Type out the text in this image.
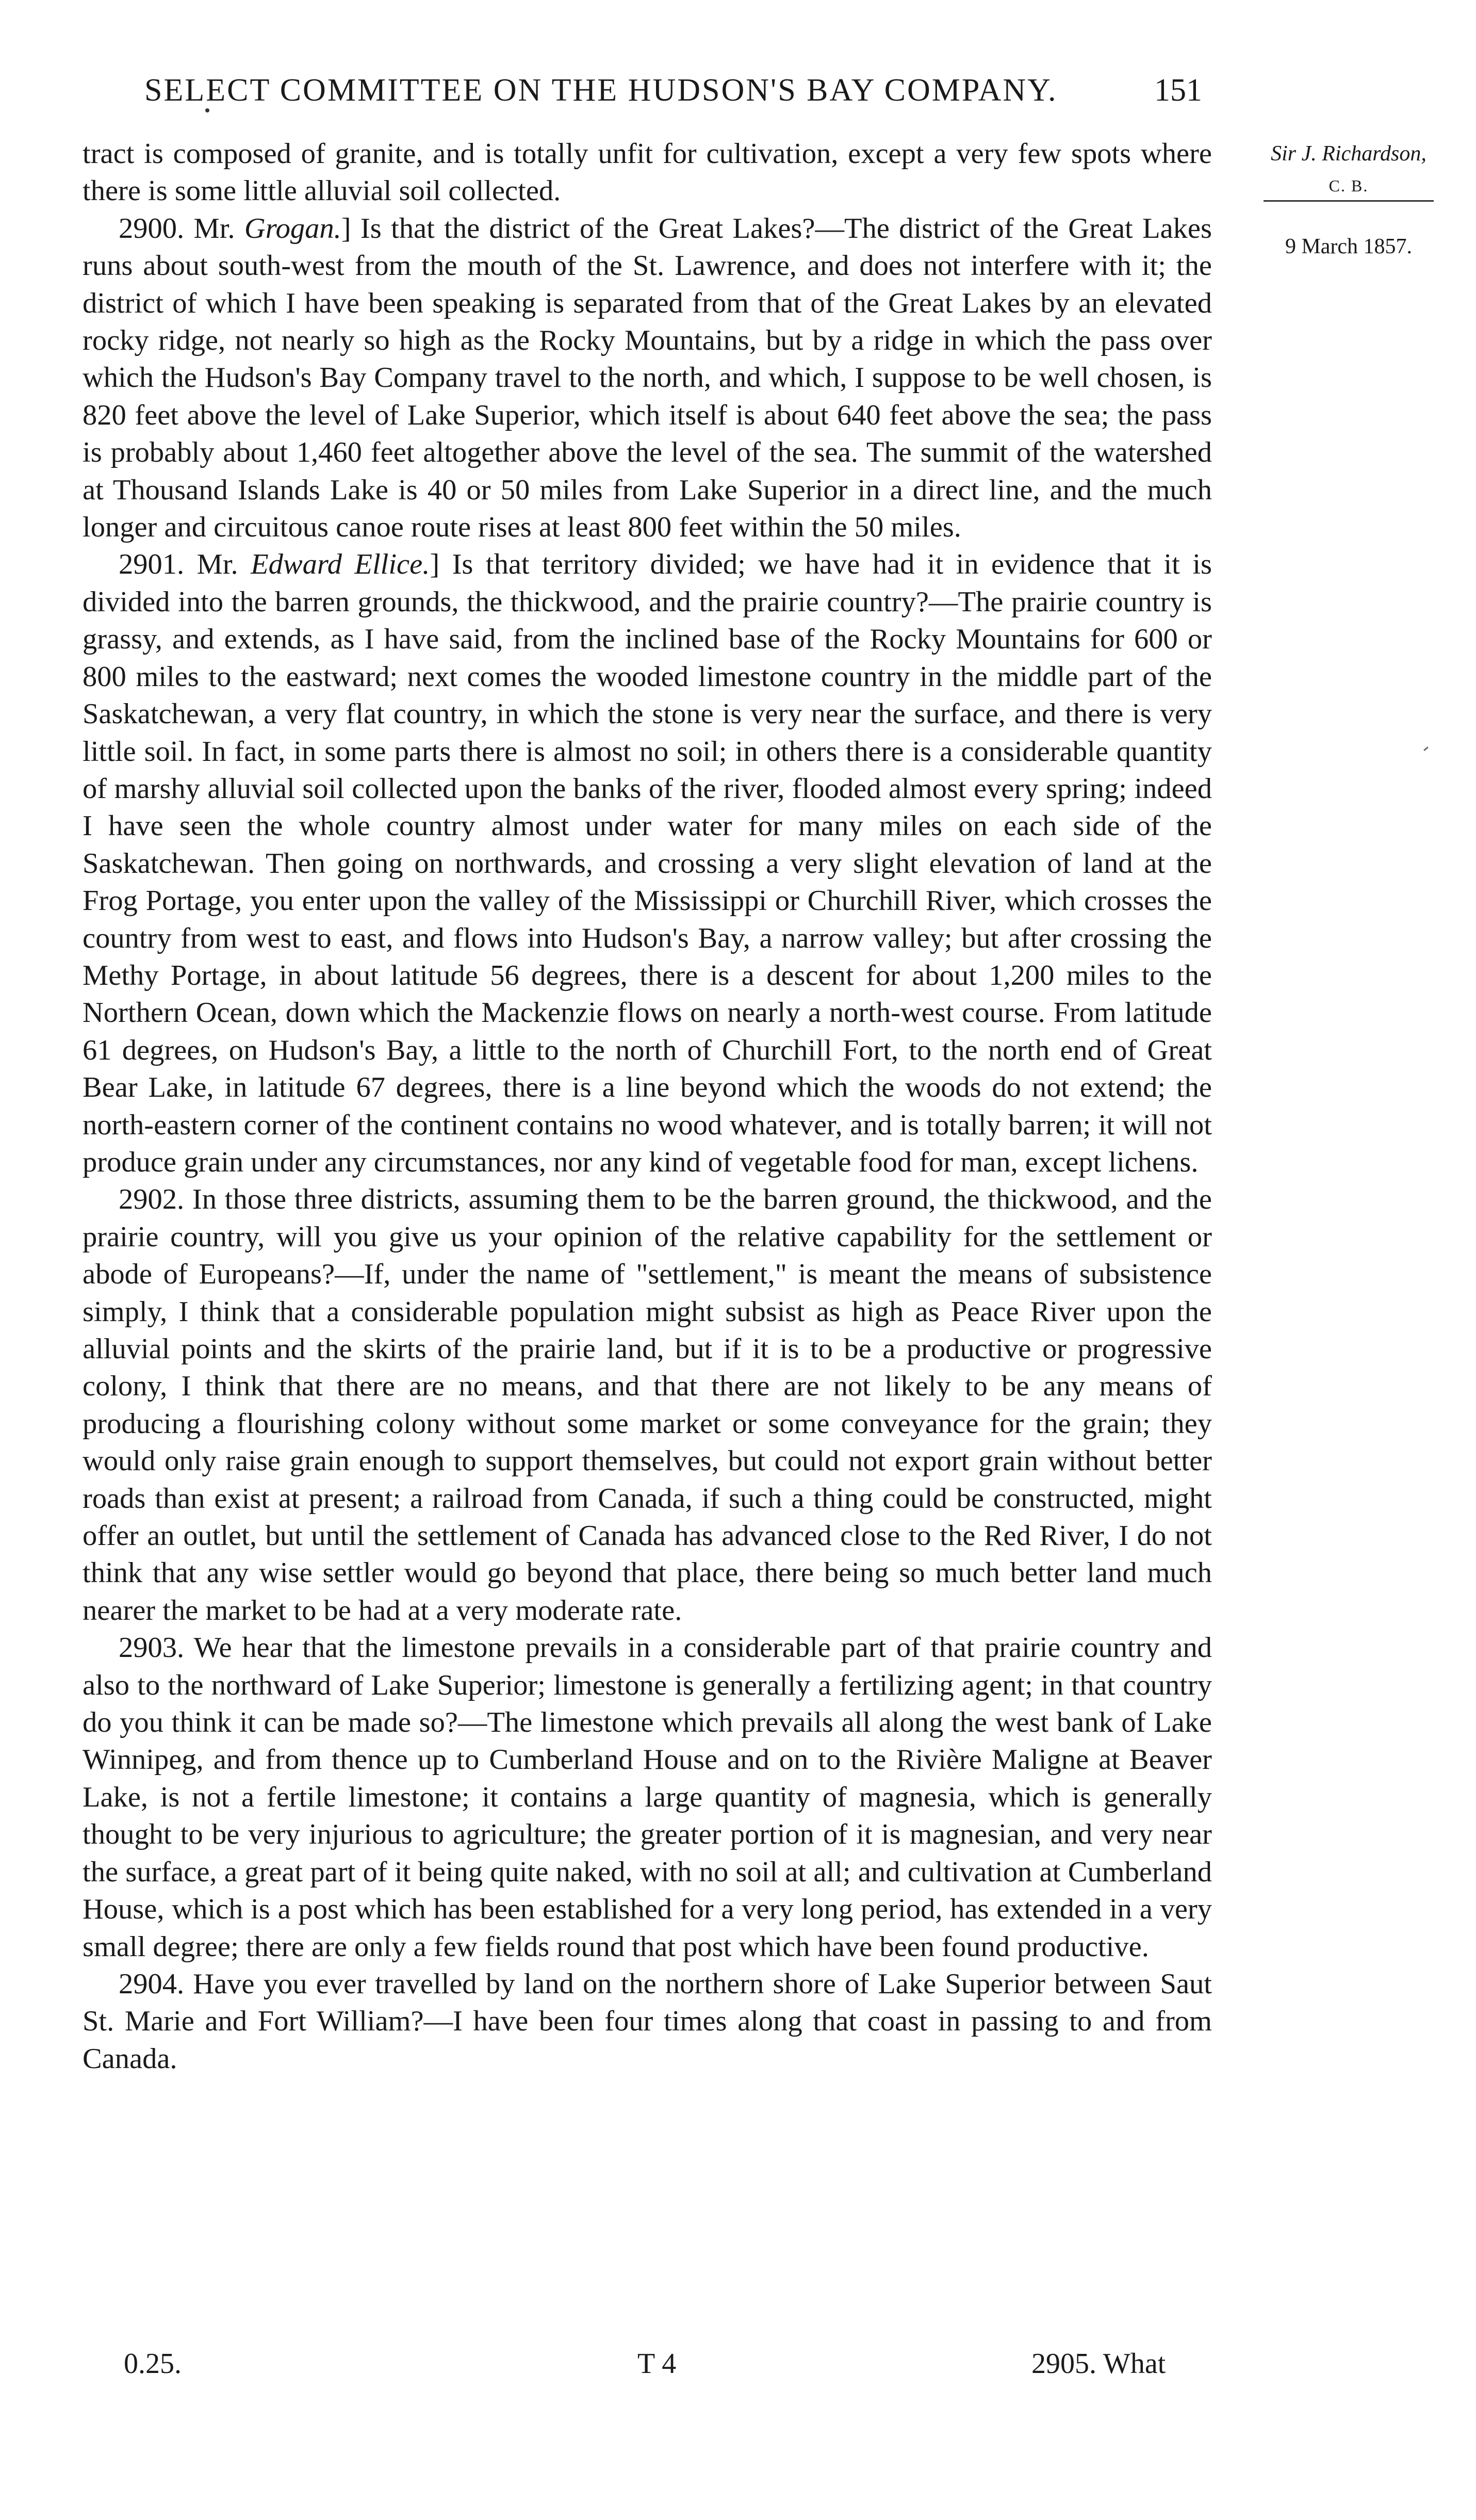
SELECT COMMITTEE ON THE HUDSON'S BAY COMPANY.	151
Sir J. Richardson,
C. B.
9 March 1857.

tract is composed of granite, and is totally unfit for cultivation, except a very few spots where there is some little alluvial soil collected.

2900. Mr. Grogan.] Is that the district of the Great Lakes?—The district of the Great Lakes runs about south-west from the mouth of the St. Lawrence, and does not interfere with it; the district of which I have been speaking is separated from that of the Great Lakes by an elevated rocky ridge, not nearly so high as the Rocky Mountains, but by a ridge in which the pass over which the Hudson's Bay Company travel to the north, and which, I suppose to be well chosen, is 820 feet above the level of Lake Superior, which itself is about 640 feet above the sea; the pass is probably about 1,460 feet altogether above the level of the sea. The summit of the watershed at Thousand Islands Lake is 40 or 50 miles from Lake Superior in a direct line, and the much longer and circuitous canoe route rises at least 800 feet within the 50 miles.

2901. Mr. Edward Ellice.] Is that territory divided; we have had it in evidence that it is divided into the barren grounds, the thickwood, and the prairie country?—The prairie country is grassy, and extends, as I have said, from the inclined base of the Rocky Mountains for 600 or 800 miles to the eastward; next comes the wooded limestone country in the middle part of the Saskatchewan, a very flat country, in which the stone is very near the surface, and there is very little soil. In fact, in some parts there is almost no soil; in others there is a considerable quantity of marshy alluvial soil collected upon the banks of the river, flooded almost every spring; indeed I have seen the whole country almost under water for many miles on each side of the Saskatchewan. Then going on northwards, and crossing a very slight elevation of land at the Frog Portage, you enter upon the valley of the Mississippi or Churchill River, which crosses the country from west to east, and flows into Hudson's Bay, a narrow valley; but after crossing the Methy Portage, in about latitude 56 degrees, there is a descent for about 1,200 miles to the Northern Ocean, down which the Mackenzie flows on nearly a north-west course. From latitude 61 degrees, on Hudson's Bay, a little to the north of Churchill Fort, to the north end of Great Bear Lake, in latitude 67 degrees, there is a line beyond which the woods do not extend; the north-eastern corner of the continent contains no wood whatever, and is totally barren; it will not produce grain under any circumstances, nor any kind of vegetable food for man, except lichens.

2902. In those three districts, assuming them to be the barren ground, the thickwood, and the prairie country, will you give us your opinion of the relative capability for the settlement or abode of Europeans?—If, under the name of "settlement," is meant the means of subsistence simply, I think that a considerable population might subsist as high as Peace River upon the alluvial points and the skirts of the prairie land, but if it is to be a productive or progressive colony, I think that there are no means, and that there are not likely to be any means of producing a flourishing colony without some market or some conveyance for the grain; they would only raise grain enough to support themselves, but could not export grain without better roads than exist at present; a railroad from Canada, if such a thing could be constructed, might offer an outlet, but until the settlement of Canada has advanced close to the Red River, I do not think that any wise settler would go beyond that place, there being so much better land much nearer the market to be had at a very moderate rate.

2903. We hear that the limestone prevails in a considerable part of that prairie country and also to the northward of Lake Superior; limestone is generally a fertilizing agent; in that country do you think it can be made so?—The limestone which prevails all along the west bank of Lake Winnipeg, and from thence up to Cumberland House and on to the Rivière Maligne at Beaver Lake, is not a fertile limestone; it contains a large quantity of magnesia, which is generally thought to be very injurious to agriculture; the greater portion of it is magnesian, and very near the surface, a great part of it being quite naked, with no soil at all; and cultivation at Cumberland House, which is a post which has been established for a very long period, has extended in a very small degree; there are only a few fields round that post which have been found productive.

2904. Have you ever travelled by land on the northern shore of Lake Superior between Saut St. Marie and Fort William?—I have been four times along that coast in passing to and from Canada.

0.25.	T 4	2905. What
